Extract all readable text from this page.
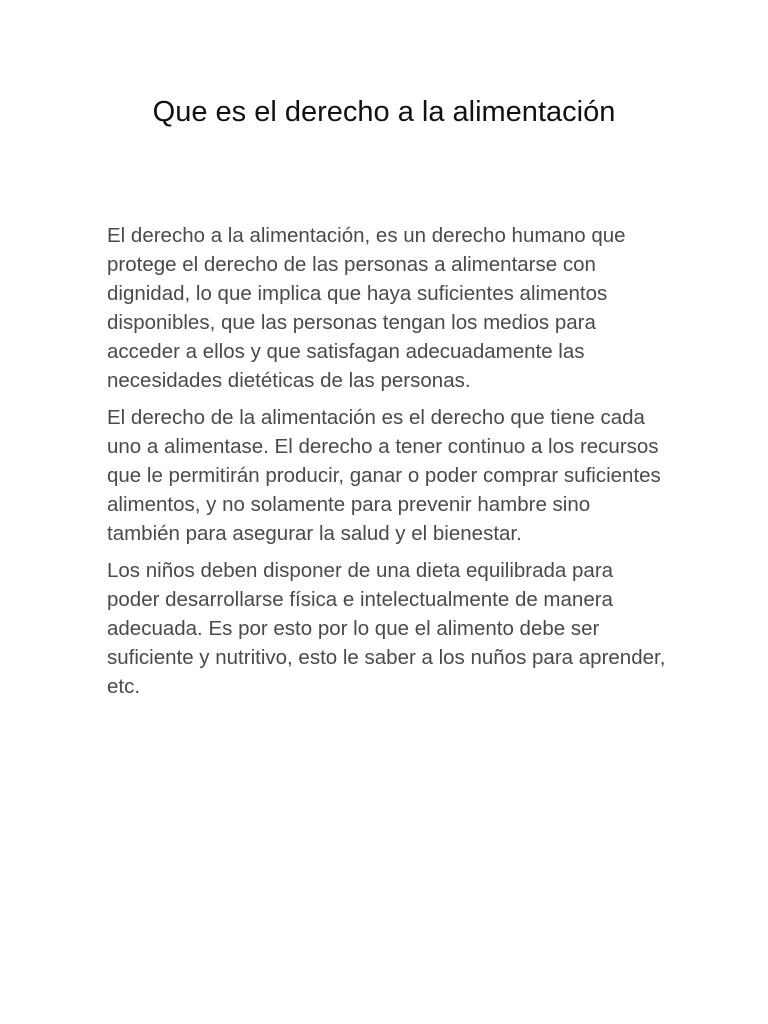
Que es el derecho a la alimentación

El derecho a la alimentación, es un derecho humano que protege el derecho de las personas a alimentarse con dignidad, lo que implica que haya suficientes alimentos disponibles, que las personas tengan los medios para acceder a ellos y que satisfagan adecuadamente las necesidades dietéticas de las personas.

El derecho de la alimentación es el derecho que tiene cada uno a alimentase. El derecho a tener continuo a los recursos que le permitirán producir, ganar o poder comprar suficientes alimentos, y no solamente para prevenir hambre sino también para asegurar la salud y el bienestar.

Los niños deben disponer de una dieta equilibrada para poder desarrollarse física e intelectualmente de manera adecuada. Es por esto por lo que el alimento debe ser suficiente y nutritivo, esto le saber a los nuños para aprender, etc.
